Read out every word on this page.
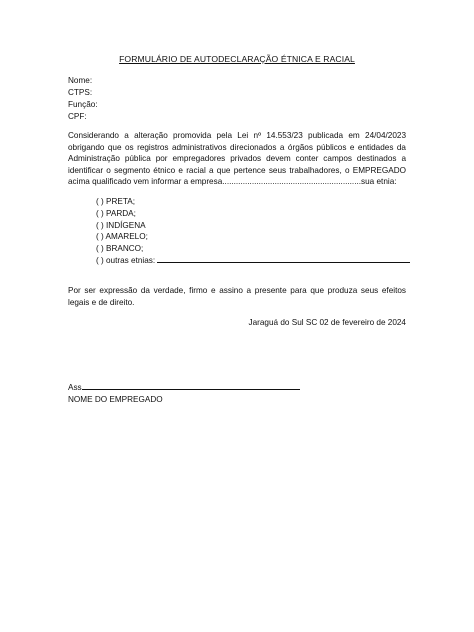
FORMULÁRIO DE AUTODECLARAÇÃO ÉTNICA E RACIAL
Nome:
CTPS:
Função:
CPF:

Considerando a alteração promovida pela Lei nº 14.553/23 publicada em 24/04/2023 obrigando que os registros administrativos direcionados a órgãos públicos e entidades da Administração pública por empregadores privados devem conter campos destinados a identificar o segmento étnico e racial a que pertence seus trabalhadores, o EMPREGADO acima qualificado vem informar a empresa.............................................................sua etnia:

( ) PRETA;
( ) PARDA;
( ) INDÍGENA
( ) AMARELO;
( ) BRANCO;
( ) outras etnias:
Por ser expressão da verdade, firmo e assino a presente para que produza seus efeitos legais e de direito.
Jaraguá do Sul SC 02 de fevereiro de 2024
Ass
NOME DO EMPREGADO
